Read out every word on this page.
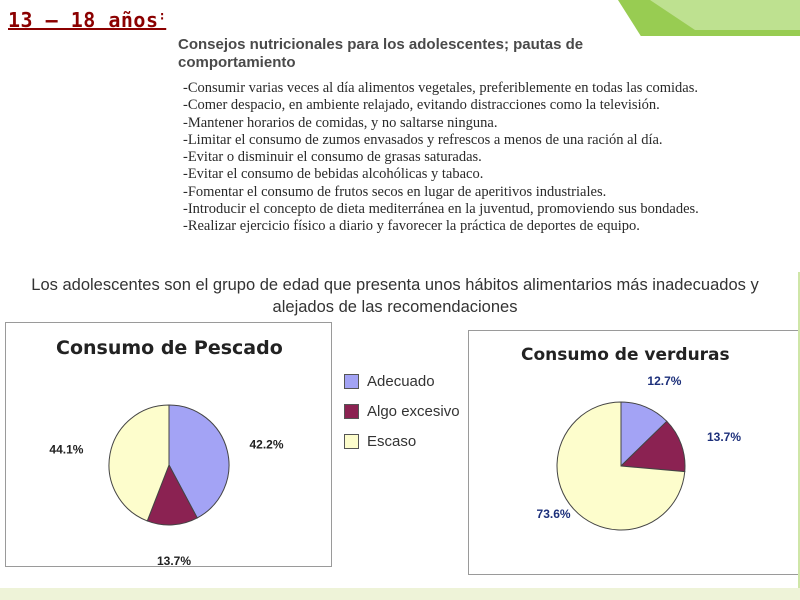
13 – 18 años:
Consejos nutricionales para los adolescentes; pautas de comportamiento
-Consumir varias veces al día alimentos vegetales, preferiblemente en todas las comidas.
-Comer despacio, en ambiente relajado, evitando distracciones como la televisión.
-Mantener horarios de comidas, y no saltarse ninguna.
-Limitar el consumo de zumos envasados y refrescos a menos de una ración al día.
-Evitar o disminuir el consumo de grasas saturadas.
-Evitar el consumo de bebidas alcohólicas y tabaco.
-Fomentar el consumo de frutos secos en lugar de aperitivos industriales.
-Introducir el concepto de dieta mediterránea en la juventud, promoviendo sus bondades.
-Realizar ejercicio físico a diario y favorecer la práctica de deportes de equipo.
Los adolescentes son el grupo de edad que presenta unos hábitos alimentarios más inadecuados y alejados de las recomendaciones
Consumo de Pescado
42.2%
13.7%
44.1%
Adecuado
Algo excesivo
Escaso
Consumo de verduras
12.7%
13.7%
73.6%
